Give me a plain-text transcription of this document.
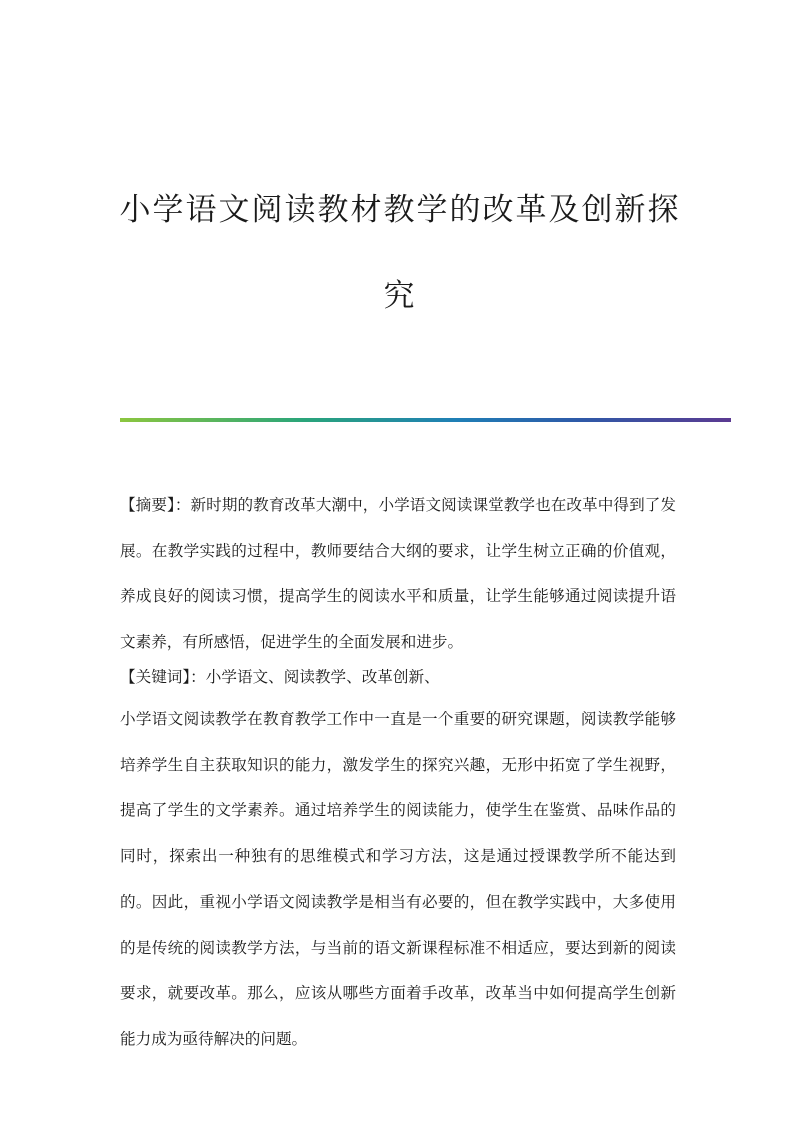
小学语文阅读教材教学的改革及创新探
究

【摘要】：新时期的教育改革大潮中，小学语文阅读课堂教学也在改革中得到了发展。在教学实践的过程中，教师要结合大纲的要求，让学生树立正确的价值观，养成良好的阅读习惯，提高学生的阅读水平和质量，让学生能够通过阅读提升语文素养，有所感悟，促进学生的全面发展和进步。

【关键词】：小学语文、阅读教学、改革创新、

小学语文阅读教学在教育教学工作中一直是一个重要的研究课题，阅读教学能够培养学生自主获取知识的能力，激发学生的探究兴趣，无形中拓宽了学生视野，提高了学生的文学素养。通过培养学生的阅读能力，使学生在鉴赏、品味作品的同时，探索出一种独有的思维模式和学习方法，这是通过授课教学所不能达到的。因此，重视小学语文阅读教学是相当有必要的，但在教学实践中，大多使用的是传统的阅读教学方法，与当前的语文新课程标准不相适应，要达到新的阅读要求，就要改革。那么，应该从哪些方面着手改革，改革当中如何提高学生创新能力成为亟待解决的问题。
